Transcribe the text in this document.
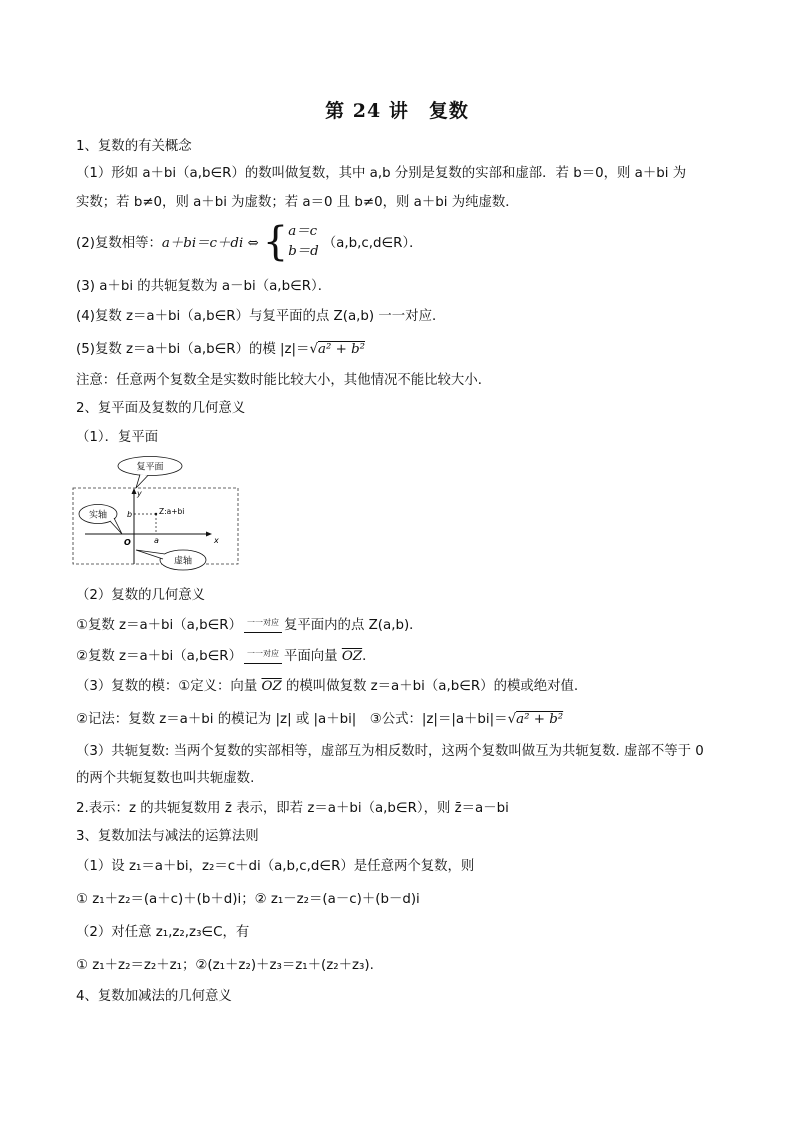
第 24 讲　复数
1、复数的有关概念
（1）形如 a＋bi（a,b∈R）的数叫做复数，其中 a,b 分别是复数的实部和虚部．若 b＝0，则 a＋bi 为
实数；若 b≠0，则 a＋bi 为虚数；若 a＝0 且 b≠0，则 a＋bi 为纯虚数．
(2)复数相等：a＋bi＝c＋di ⇔ {a＝c
b＝d（a,b,c,d∈R）．
(3) a＋bi 的共轭复数为 a－bi（a,b∈R）．
(4)复数 z＝a＋bi（a,b∈R）与复平面的点 Z(a,b) 一一对应．
(5)复数 z＝a＋bi（a,b∈R）的模 |z|＝√a² + b²
注意：任意两个复数全是实数时能比较大小，其他情况不能比较大小．
2、复平面及复数的几何意义
（1）．复平面
y
x
O
b
a
Z:a+bi
复平面
实轴
虚轴
（2）复数的几何意义
①复数 z＝a＋bi（a,b∈R） 一一对应 复平面内的点 Z(a,b)．
②复数 z＝a＋bi（a,b∈R） 一一对应 平面向量 $\overline{OZ}$．
（3）复数的模：①定义：向量 $\overline{OZ}$ 的模叫做复数 z＝a＋bi（a,b∈R）的模或绝对值.
②记法：复数 z＝a＋bi 的模记为 |z| 或 |a＋bi|　③公式：|z|＝|a＋bi|＝√a² + b²
（3）共轭复数: 当两个复数的实部相等，虚部互为相反数时，这两个复数叫做互为共轭复数. 虚部不等于 0
的两个共轭复数也叫共轭虚数.
2.表示：z 的共轭复数用 z̄ 表示，即若 z＝a＋bi（a,b∈R），则 z̄＝a－bi
3、复数加法与减法的运算法则
（1）设 z₁＝a＋bi，z₂＝c＋di（a,b,c,d∈R）是任意两个复数，则
① z₁＋z₂＝(a＋c)＋(b＋d)i；② z₁－z₂＝(a－c)＋(b－d)i
（2）对任意 z₁,z₂,z₃∈C，有
① z₁＋z₂＝z₂＋z₁；②(z₁＋z₂)＋z₃＝z₁＋(z₂＋z₃).
4、复数加减法的几何意义
